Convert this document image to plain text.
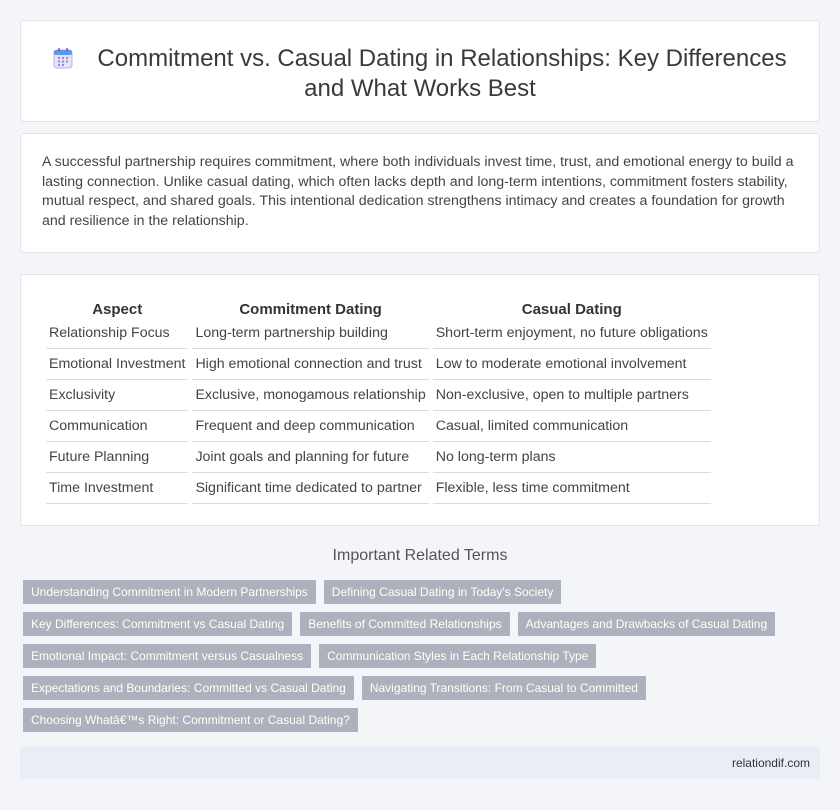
Commitment vs. Casual Dating in Relationships: Key Differences
and What Works Best

A successful partnership requires commitment, where both individuals invest time, trust, and emotional energy to build a lasting connection. Unlike casual dating, which often lacks depth and long-term intentions, commitment fosters stability, mutual respect, and shared goals. This intentional dedication strengthens intimacy and creates a foundation for growth and resilience in the relationship.

Aspect	Commitment Dating	Casual Dating
Relationship Focus	Long-term partnership building	Short-term enjoyment, no future obligations
Emotional Investment	High emotional connection and trust	Low to moderate emotional involvement
Exclusivity	Exclusive, monogamous relationship	Non-exclusive, open to multiple partners
Communication	Frequent and deep communication	Casual, limited communication
Future Planning	Joint goals and planning for future	No long-term plans
Time Investment	Significant time dedicated to partner	Flexible, less time commitment
Important Related Terms
Understanding Commitment in Modern Partnerships	Defining Casual Dating in Today's Society
Key Differences: Commitment vs Casual Dating	Benefits of Committed Relationships	Advantages and Drawbacks of Casual Dating
Emotional Impact: Commitment versus Casualness	Communication Styles in Each Relationship Type
Expectations and Boundaries: Committed vs Casual Dating	Navigating Transitions: From Casual to Committed
Choosing Whatâ€™s Right: Commitment or Casual Dating?
relationdif.com
